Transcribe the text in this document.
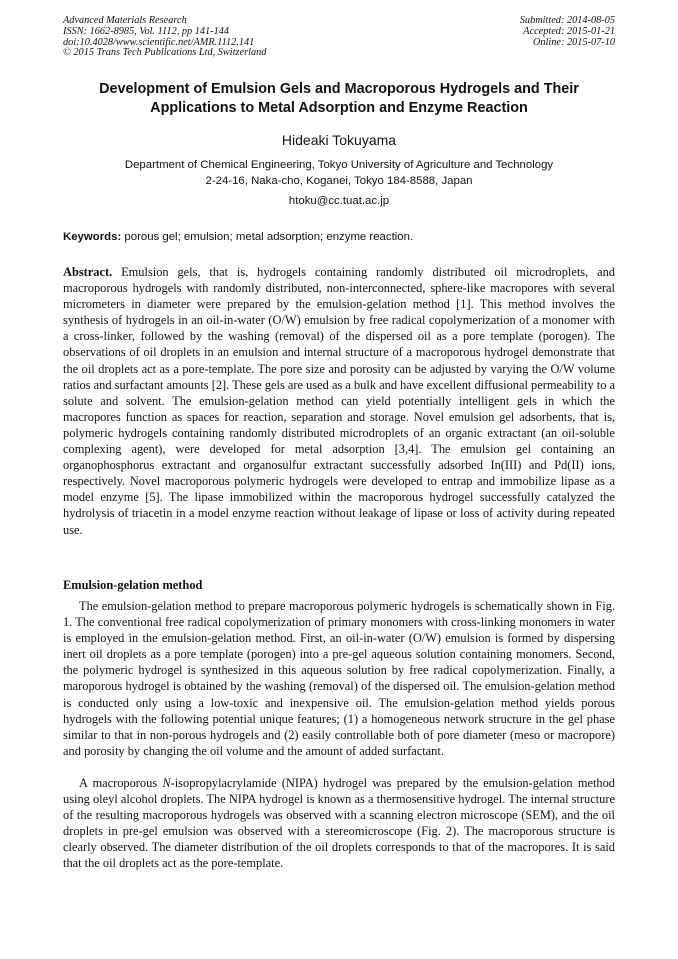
Advanced Materials Research
ISSN: 1662-8985, Vol. 1112, pp 141-144
doi:10.4028/www.scientific.net/AMR.1112.141
© 2015 Trans Tech Publications Ltd, Switzerland
Submitted: 2014-08-05
Accepted: 2015-01-21
Online: 2015-07-10
Development of Emulsion Gels and Macroporous Hydrogels and Their
Applications to Metal Adsorption and Enzyme Reaction
Hideaki Tokuyama
Department of Chemical Engineering, Tokyo University of Agriculture and Technology
2-24-16, Naka-cho, Koganei, Tokyo 184-8588, Japan
htoku@cc.tuat.ac.jp
Keywords: porous gel; emulsion; metal adsorption; enzyme reaction.

Abstract. Emulsion gels, that is, hydrogels containing randomly distributed oil microdroplets, and macroporous hydrogels with randomly distributed, non-interconnected, sphere-like macropores with several micrometers in diameter were prepared by the emulsion-gelation method [1]. This method involves the synthesis of hydrogels in an oil-in-water (O/W) emulsion by free radical copolymerization of a monomer with a cross-linker, followed by the washing (removal) of the dispersed oil as a pore template (porogen). The observations of oil droplets in an emulsion and internal structure of a macroporous hydrogel demonstrate that the oil droplets act as a pore-template. The pore size and porosity can be adjusted by varying the O/W volume ratios and surfactant amounts [2]. These gels are used as a bulk and have excellent diffusional permeability to a solute and solvent. The emulsion-gelation method can yield potentially intelligent gels in which the macropores function as spaces for reaction, separation and storage. Novel emulsion gel adsorbents, that is, polymeric hydrogels containing randomly distributed microdroplets of an organic extractant (an oil-soluble complexing agent), were developed for metal adsorption [3,4]. The emulsion gel containing an organophosphorus extractant and organosulfur extractant successfully adsorbed In(III) and Pd(II) ions, respectively. Novel macroporous polymeric hydrogels were developed to entrap and immobilize lipase as a model enzyme [5]. The lipase immobilized within the macroporous hydrogel successfully catalyzed the hydrolysis of triacetin in a model enzyme reaction without leakage of lipase or loss of activity during repeated use.

Emulsion-gelation method

The emulsion-gelation method to prepare macroporous polymeric hydrogels is schematically shown in Fig. 1. The conventional free radical copolymerization of primary monomers with cross-linking monomers in water is employed in the emulsion-gelation method. First, an oil-in-water (O/W) emulsion is formed by dispersing inert oil droplets as a pore template (porogen) into a pre-gel aqueous solution containing monomers. Second, the polymeric hydrogel is synthesized in this aqueous solution by free radical copolymerization. Finally, a maroporous hydrogel is obtained by the washing (removal) of the dispersed oil. The emulsion-gelation method is conducted only using a low-toxic and inexpensive oil. The emulsion-gelation method yields porous hydrogels with the following potential unique features; (1) a homogeneous network structure in the gel phase similar to that in non-porous hydrogels and (2) easily controllable both of pore diameter (meso or macropore) and porosity by changing the oil volume and the amount of added surfactant.

A macroporous N-isopropylacrylamide (NIPA) hydrogel was prepared by the emulsion-gelation method using oleyl alcohol droplets. The NIPA hydrogel is known as a thermosensitive hydrogel. The internal structure of the resulting macroporous hydrogels was observed with a scanning electron microscope (SEM), and the oil droplets in pre-gel emulsion was observed with a stereomicroscope (Fig. 2). The macroporous structure is clearly observed. The diameter distribution of the oil droplets corresponds to that of the macropores. It is said that the oil droplets act as the pore-template.
